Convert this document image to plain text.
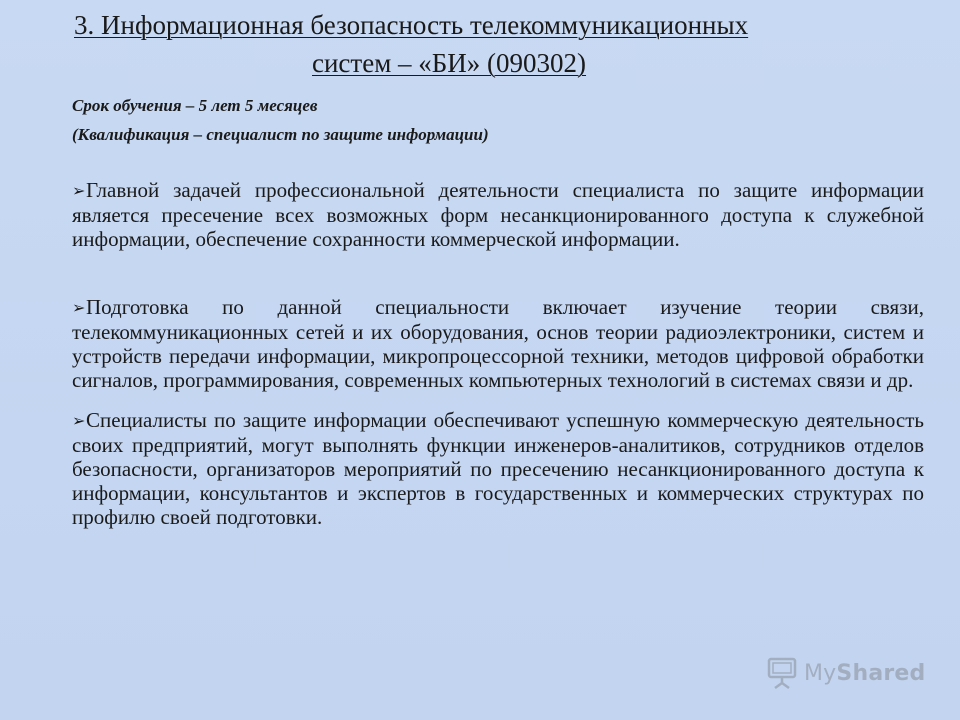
3. Информационная безопасность телекоммуникационных
систем – «БИ» (090302)
Срок обучения – 5 лет 5 месяцев
(Квалификация – специалист по защите информации)

➢Главной задачей профессиональной деятельности специалиста по защите информации является пресечение всех возможных форм несанкционированного доступа к служебной информации, обеспечение сохранности коммерческой информации.

➢Подготовка по данной специальности включает изучение теории связи, телекоммуникационных сетей и их оборудования, основ теории радиоэлектроники, систем и устройств передачи информации, микропроцессорной техники, методов цифровой обработки сигналов, программирования, современных компьютерных технологий в системах связи и др.

➢Специалисты по защите информации обеспечивают успешную коммерческую деятельность своих предприятий, могут выполнять функции инженеров-аналитиков, сотрудников отделов безопасности, организаторов мероприятий по пресечению несанкционированного доступа к информации, консультантов и экспертов в государственных и коммерческих структурах по профилю своей подготовки.

MyShared
